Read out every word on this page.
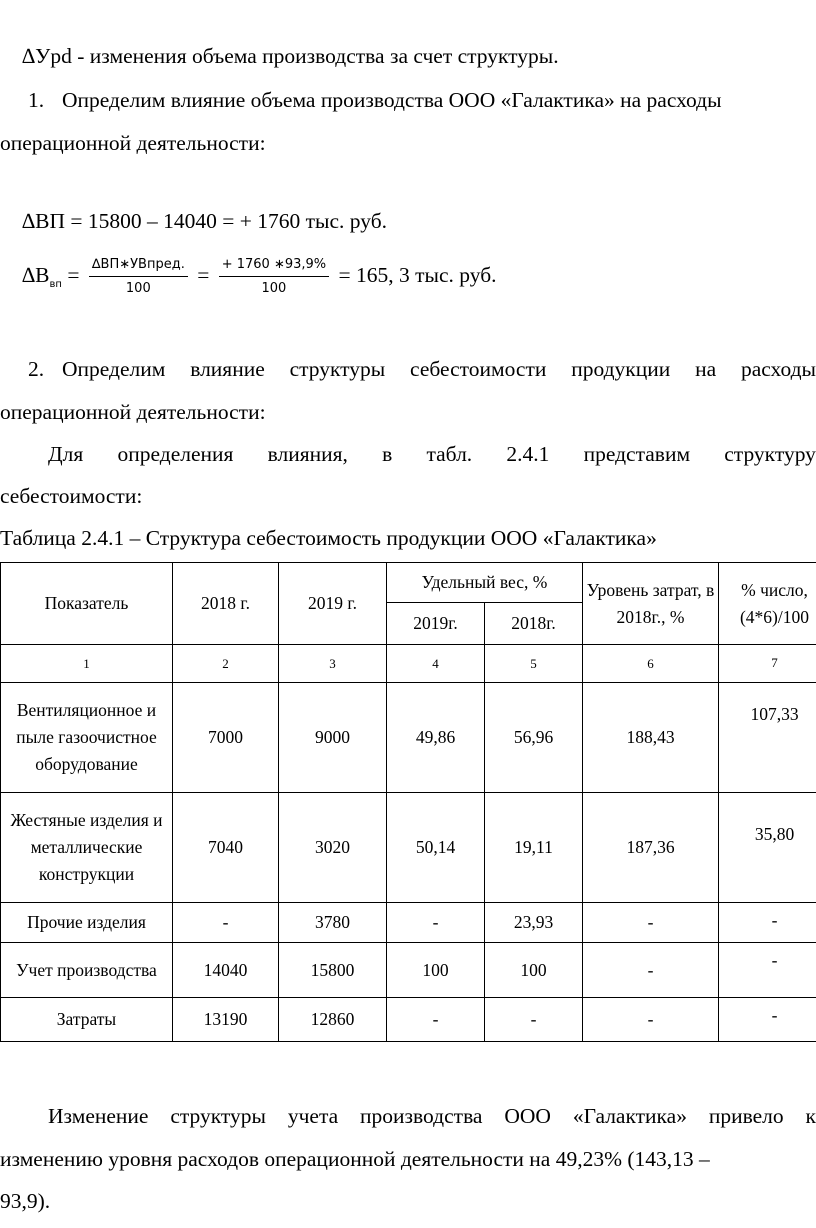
∆Уpd - изменения объема производства за счет структуры.
1. Определим влияние объема производства ООО «Галактика» на расходы
операционной деятельности:
∆ВП = 15800 – 14040 = + 1760 тыс. руб.
$\Delta В_{вп} = \frac{\text{∆ВП∗УВпред.}}{100} = \frac{+ 1760 ∗93,9\%}{100} = 165$, 3 тыс. руб.
2. Определим влияние структуры себестоимости продукции на расходы
операционной деятельности:
Для определения влияния, в табл. 2.4.1 представим структуру
себестоимости:
Таблица 2.4.1 – Структура себестоимость продукции ООО «Галактика»
Показатель	2018 г.	2019 г.	Удельный вес, %		Уровень затрат, в 2018г., %	% число, (4*6)/100
			2019г.	2018г.		
1	2	3	4	5	6	7
Вентиляционное и пыле газоочистное оборудование	7000	9000	49,86	56,96	188,43	107,33
Жестяные изделия и металлические конструкции	7040	3020	50,14	19,11	187,36	35,80
Прочие изделия	-	3780	-	23,93	-	-
Учет производства	14040	15800	100	100	-	-
Затраты	13190	12860	-	-	-	-
Изменение структуры учета производства ООО «Галактика» привело к
изменению уровня расходов операционной деятельности на 49,23% (143,13 –
93,9).
